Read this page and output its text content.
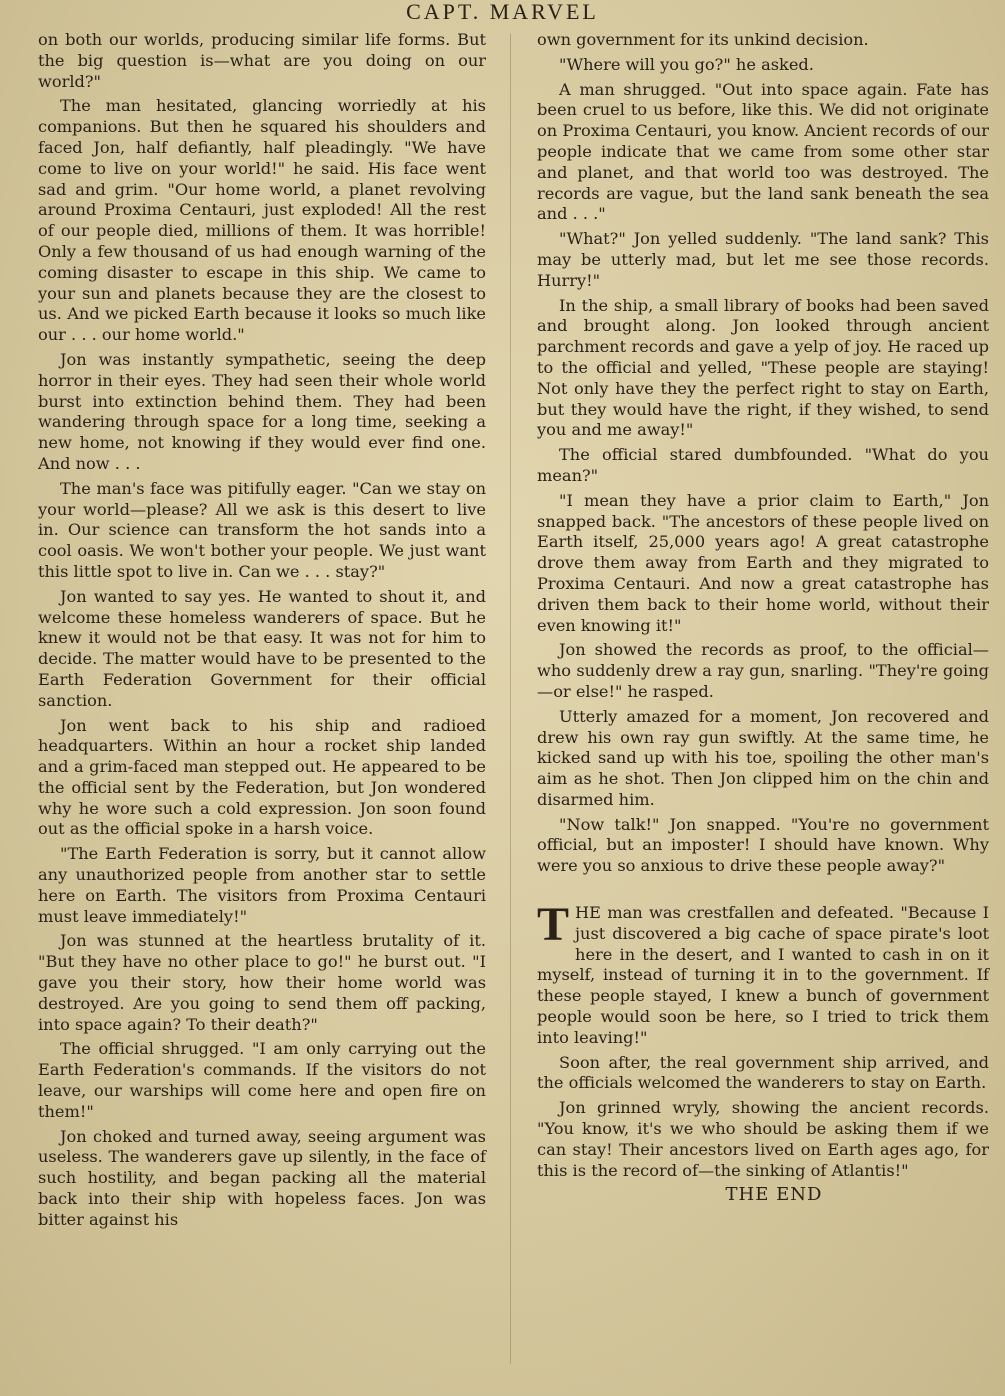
CAPT. MARVEL

on both our worlds, producing similar life forms. But the big question is—what are you doing on our world?"

The man hesitated, glancing worriedly at his companions. But then he squared his shoulders and faced Jon, half defiantly, half pleadingly. "We have come to live on your world!" he said. His face went sad and grim. "Our home world, a planet revolving around Proxima Centauri, just exploded! All the rest of our people died, millions of them. It was horrible! Only a few thousand of us had enough warning of the coming disaster to escape in this ship. We came to your sun and planets because they are the closest to us. And we picked Earth because it looks so much like our . . . our home world."

Jon was instantly sympathetic, seeing the deep horror in their eyes. They had seen their whole world burst into extinction behind them. They had been wandering through space for a long time, seeking a new home, not knowing if they would ever find one. And now . . .

The man's face was pitifully eager. "Can we stay on your world—please? All we ask is this desert to live in. Our science can transform the hot sands into a cool oasis. We won't bother your people. We just want this little spot to live in. Can we . . . stay?"

Jon wanted to say yes. He wanted to shout it, and welcome these homeless wanderers of space. But he knew it would not be that easy. It was not for him to decide. The matter would have to be presented to the Earth Federation Government for their official sanction.

Jon went back to his ship and radioed headquarters. Within an hour a rocket ship landed and a grim-faced man stepped out. He appeared to be the official sent by the Federation, but Jon wondered why he wore such a cold expression. Jon soon found out as the official spoke in a harsh voice.

"The Earth Federation is sorry, but it cannot allow any unauthorized people from another star to settle here on Earth. The visitors from Proxima Centauri must leave immediately!"

Jon was stunned at the heartless brutality of it. "But they have no other place to go!" he burst out. "I gave you their story, how their home world was destroyed. Are you going to send them off packing, into space again? To their death?"

The official shrugged. "I am only carrying out the Earth Federation's commands. If the visitors do not leave, our warships will come here and open fire on them!"

Jon choked and turned away, seeing argument was useless. The wanderers gave up silently, in the face of such hostility, and began packing all the material back into their ship with hopeless faces. Jon was bitter against his

own government for its unkind decision.

"Where will you go?" he asked.

A man shrugged. "Out into space again. Fate has been cruel to us before, like this. We did not originate on Proxima Centauri, you know. Ancient records of our people indicate that we came from some other star and planet, and that world too was destroyed. The records are vague, but the land sank beneath the sea and . . ."

"What?" Jon yelled suddenly. "The land sank? This may be utterly mad, but let me see those records. Hurry!"

In the ship, a small library of books had been saved and brought along. Jon looked through ancient parchment records and gave a yelp of joy. He raced up to the official and yelled, "These people are staying! Not only have they the perfect right to stay on Earth, but they would have the right, if they wished, to send you and me away!"

The official stared dumbfounded. "What do you mean?"

"I mean they have a prior claim to Earth," Jon snapped back. "The ancestors of these people lived on Earth itself, 25,000 years ago! A great catastrophe drove them away from Earth and they migrated to Proxima Centauri. And now a great catastrophe has driven them back to their home world, without their even knowing it!"

Jon showed the records as proof, to the official—who suddenly drew a ray gun, snarling. "They're going—or else!" he rasped.

Utterly amazed for a moment, Jon recovered and drew his own ray gun swiftly. At the same time, he kicked sand up with his toe, spoiling the other man's aim as he shot. Then Jon clipped him on the chin and disarmed him.

"Now talk!" Jon snapped. "You're no government official, but an imposter! I should have known. Why were you so anxious to drive these people away?"

THE man was crestfallen and defeated. "Because I just discovered a big cache of space pirate's loot here in the desert, and I wanted to cash in on it myself, instead of turning it in to the government. If these people stayed, I knew a bunch of government people would soon be here, so I tried to trick them into leaving!"

Soon after, the real government ship arrived, and the officials welcomed the wanderers to stay on Earth.

Jon grinned wryly, showing the ancient records. "You know, it's we who should be asking them if we can stay! Their ancestors lived on Earth ages ago, for this is the record of—the sinking of Atlantis!"

THE END
